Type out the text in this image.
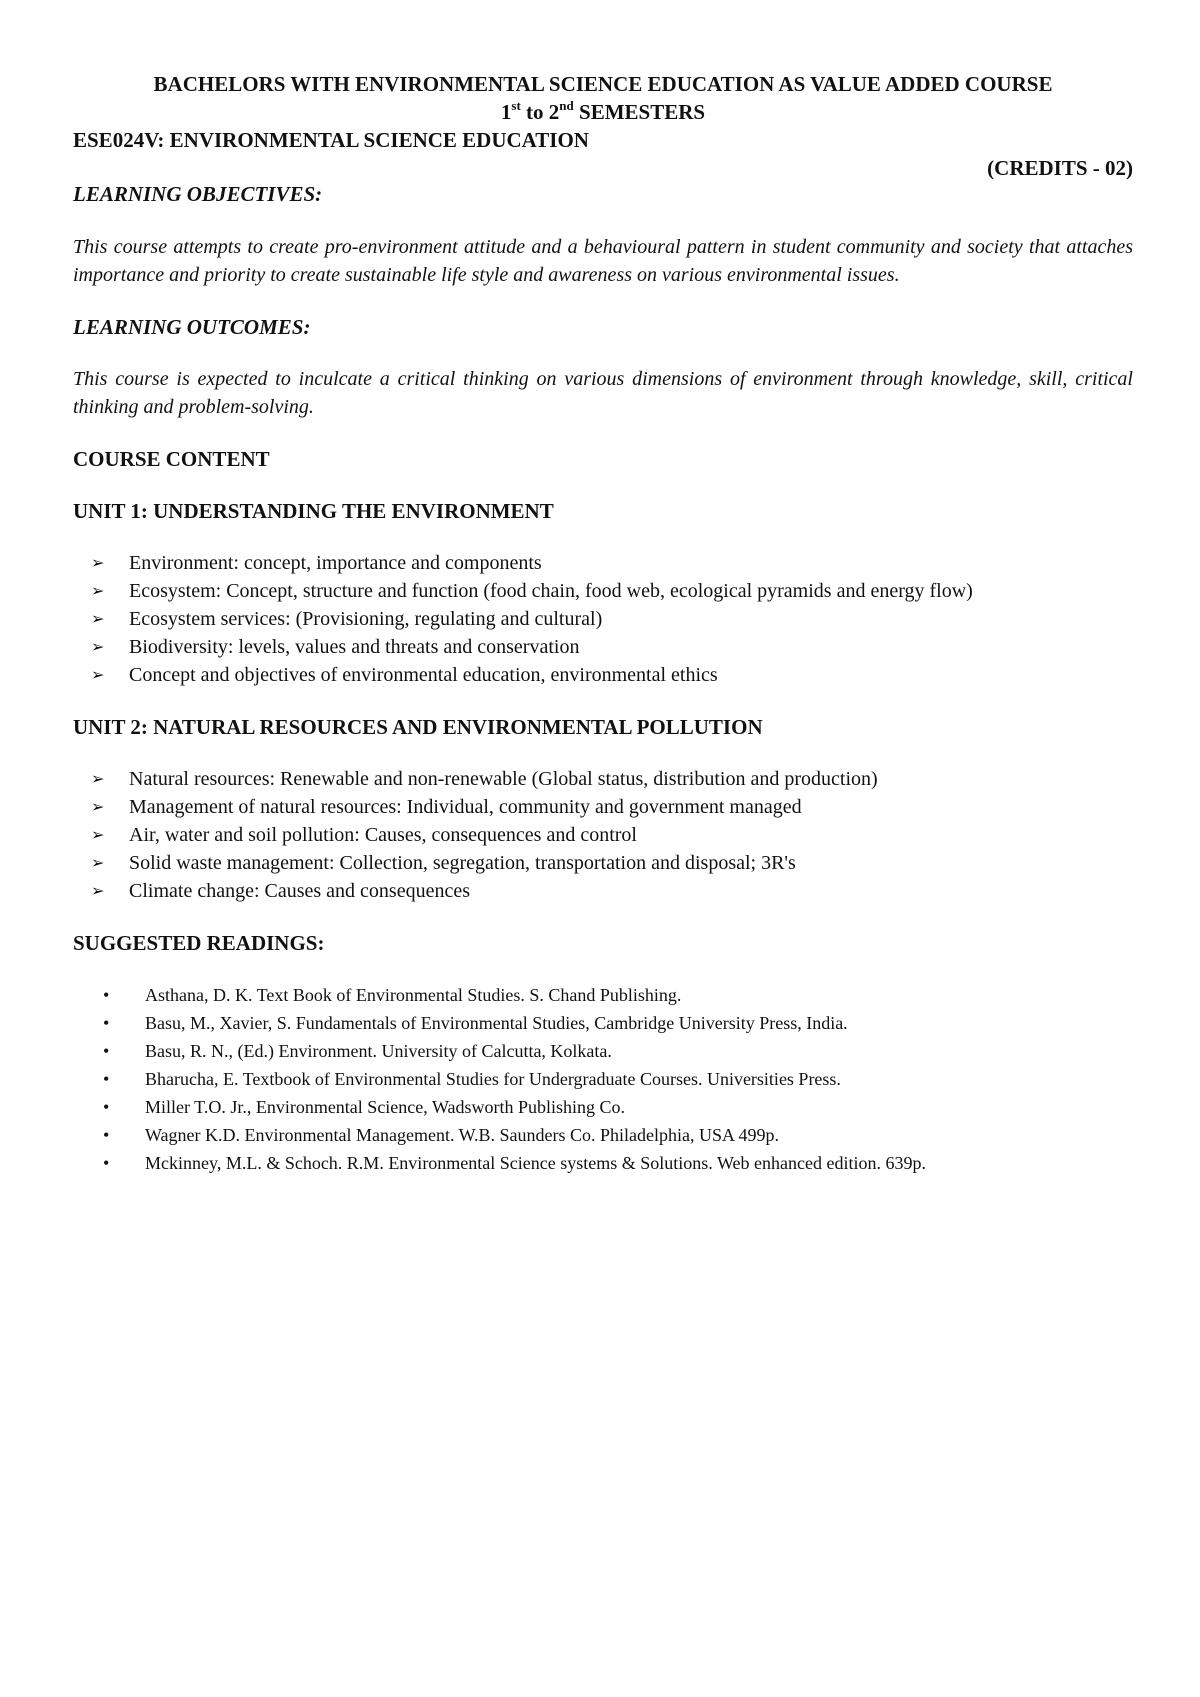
BACHELORS WITH ENVIRONMENTAL SCIENCE EDUCATION AS VALUE ADDED COURSE

1st to 2nd SEMESTERS

ESE024V: ENVIRONMENTAL SCIENCE EDUCATION

(CREDITS - 02)

LEARNING OBJECTIVES:

This course attempts to create pro-environment attitude and a behavioural pattern in student community and society that attaches importance and priority to create sustainable life style and awareness on various environmental issues.

LEARNING OUTCOMES:

This course is expected to inculcate a critical thinking on various dimensions of environment through knowledge, skill, critical thinking and problem-solving.

COURSE CONTENT

UNIT 1: UNDERSTANDING THE ENVIRONMENT

➢ Environment: concept, importance and components
➢ Ecosystem: Concept, structure and function (food chain, food web, ecological pyramids and energy flow)
➢ Ecosystem services: (Provisioning, regulating and cultural)
➢ Biodiversity: levels, values and threats and conservation
➢ Concept and objectives of environmental education, environmental ethics

UNIT 2: NATURAL RESOURCES AND ENVIRONMENTAL POLLUTION

➢ Natural resources: Renewable and non-renewable (Global status, distribution and production)
➢ Management of natural resources: Individual, community and government managed
➢ Air, water and soil pollution: Causes, consequences and control
➢ Solid waste management: Collection, segregation, transportation and disposal; 3R's
➢ Climate change: Causes and consequences

SUGGESTED READINGS:

• Asthana, D. K. Text Book of Environmental Studies. S. Chand Publishing.
• Basu, M., Xavier, S. Fundamentals of Environmental Studies, Cambridge University Press, India.
• Basu, R. N., (Ed.) Environment. University of Calcutta, Kolkata.
• Bharucha, E. Textbook of Environmental Studies for Undergraduate Courses. Universities Press.
• Miller T.O. Jr., Environmental Science, Wadsworth Publishing Co.
• Wagner K.D. Environmental Management. W.B. Saunders Co. Philadelphia, USA 499p.
• Mckinney, M.L. & Schoch. R.M. Environmental Science systems & Solutions. Web enhanced edition. 639p.
